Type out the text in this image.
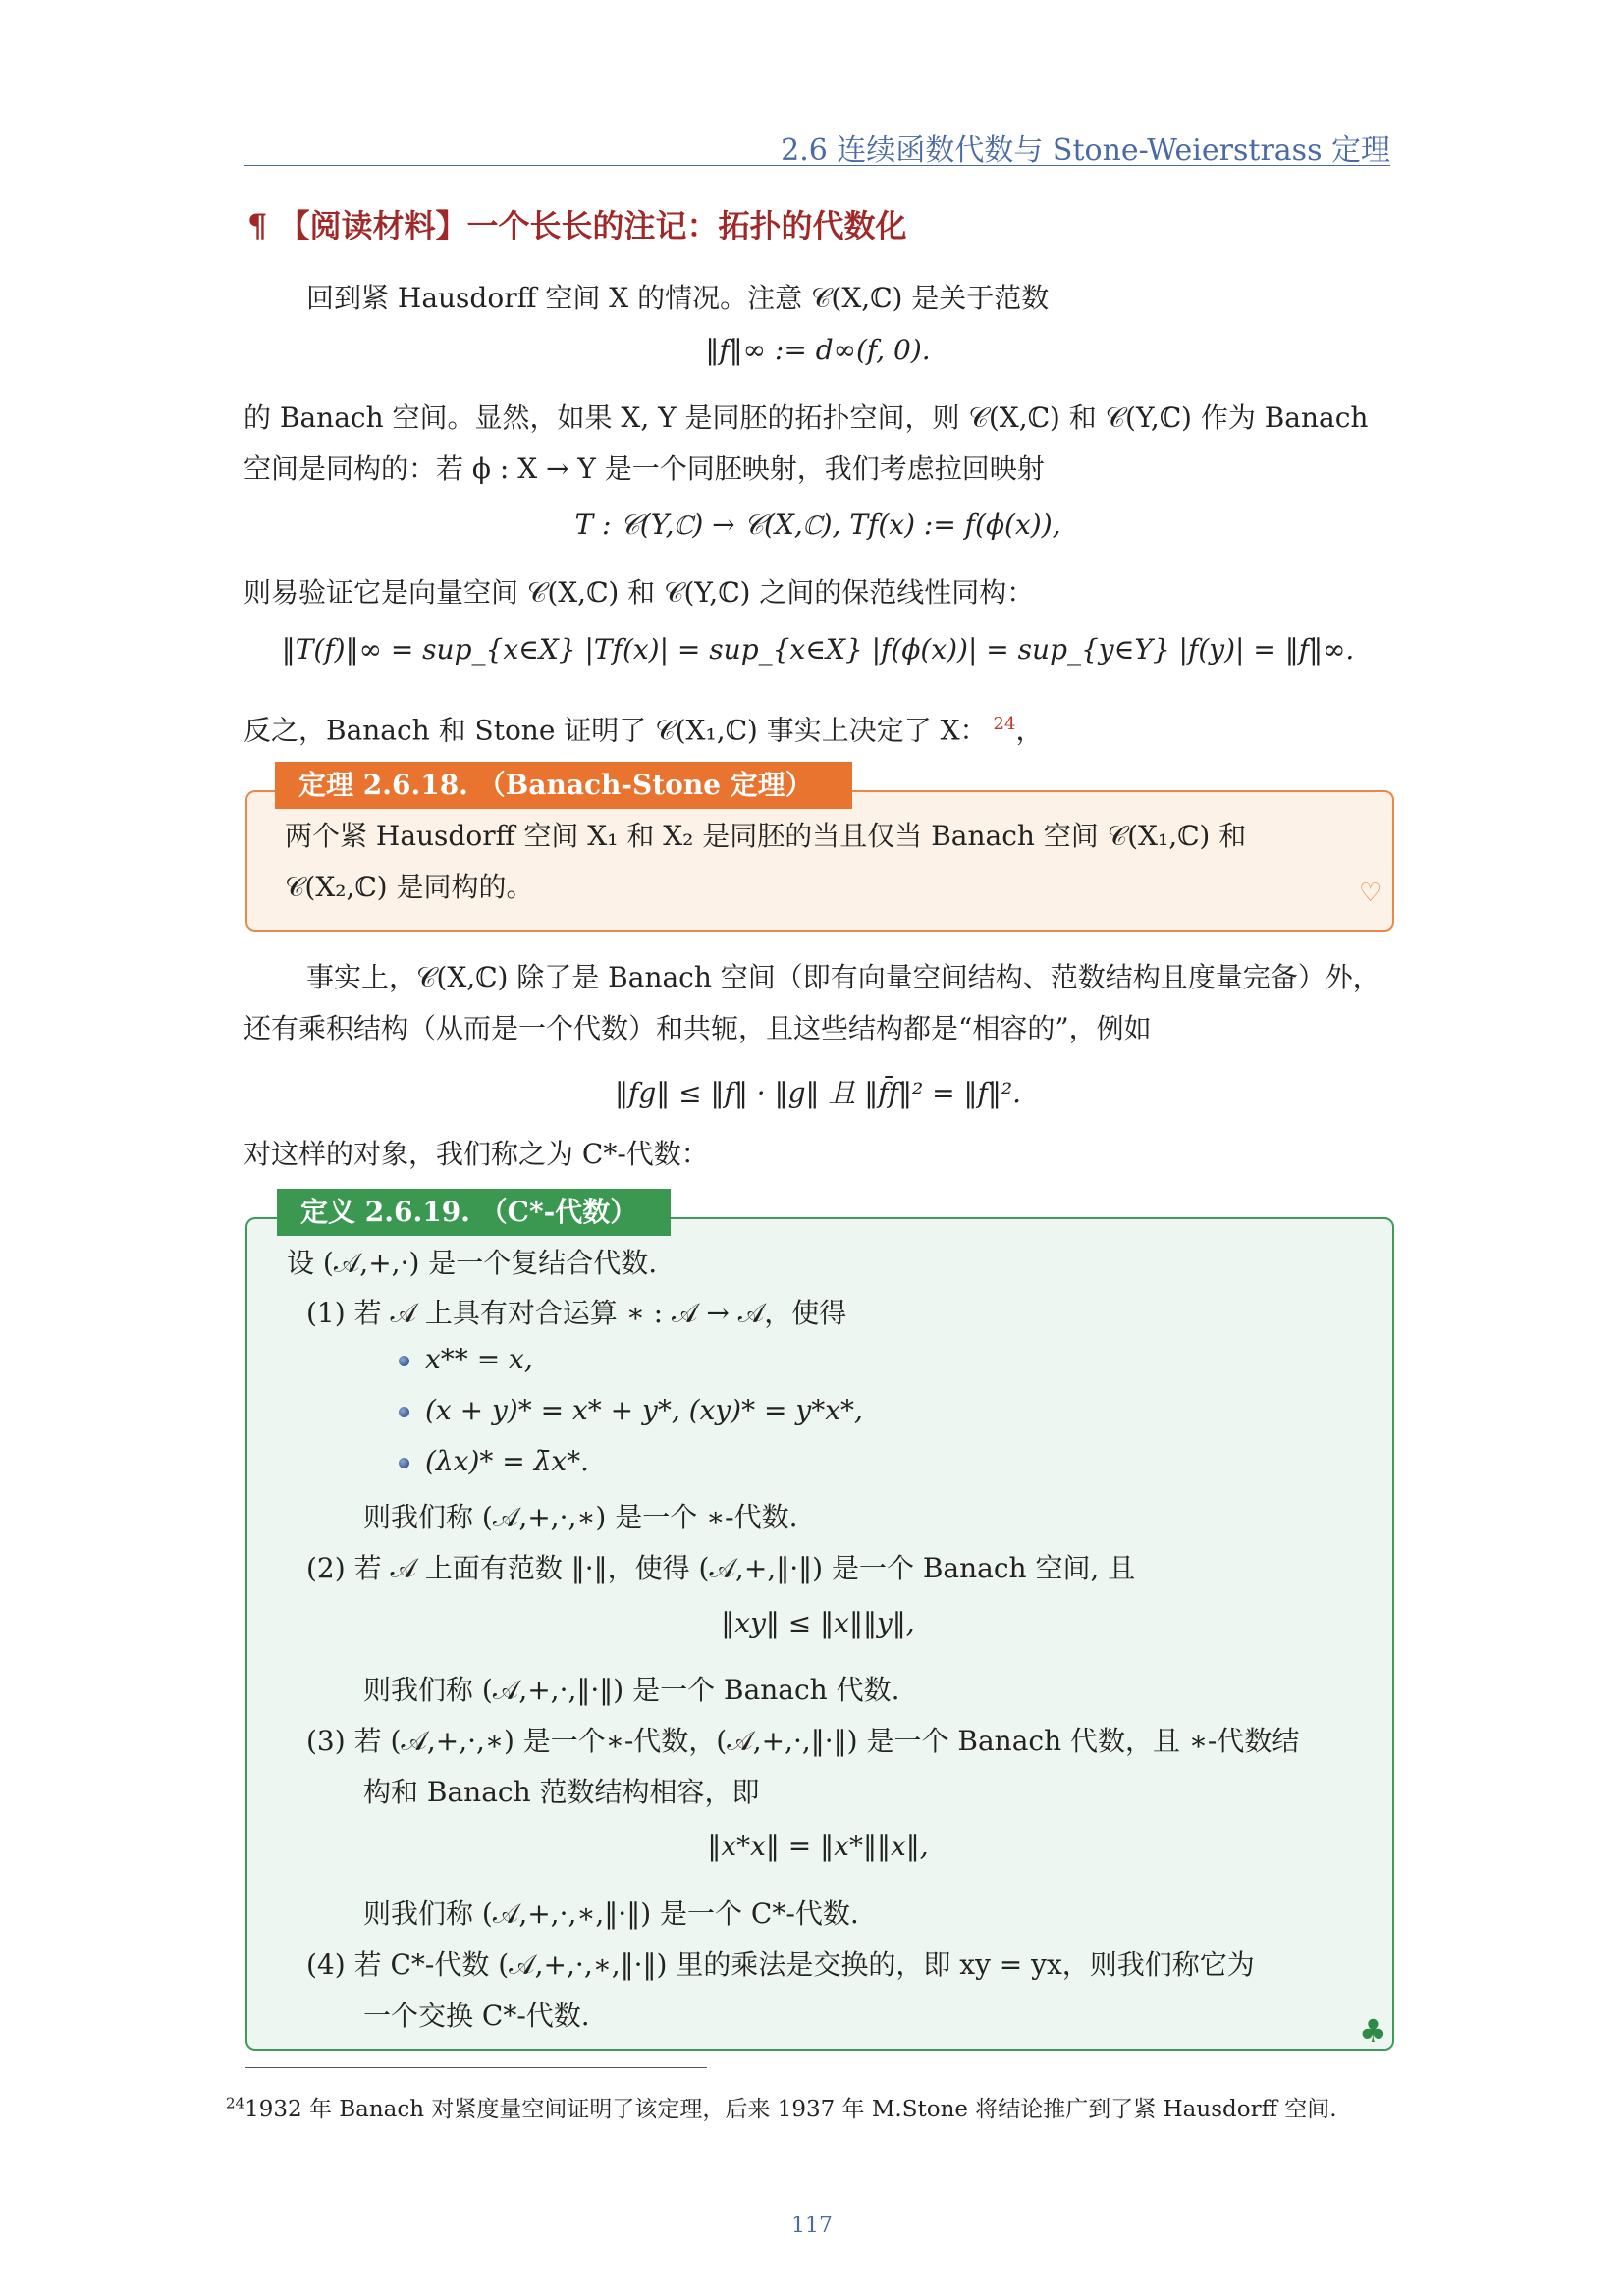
2.6 连续函数代数与 Stone-Weierstrass 定理
¶ 【阅读材料】一个长长的注记：拓扑的代数化
回到紧 Hausdorff 空间 X 的情况。注意 𝒞(X,ℂ) 是关于范数
‖f‖∞ := d∞(f, 0).
的 Banach 空间。显然，如果 X, Y 是同胚的拓扑空间，则 𝒞(X,ℂ) 和 𝒞(Y,ℂ) 作为 Banach
空间是同构的：若 ϕ : X → Y 是一个同胚映射，我们考虑拉回映射
T : 𝒞(Y,ℂ) → 𝒞(X,ℂ), Tf(x) := f(ϕ(x)),
则易验证它是向量空间 𝒞(X,ℂ) 和 𝒞(Y,ℂ) 之间的保范线性同构：
‖T(f)‖∞ = sup_{x∈X} |Tf(x)| = sup_{x∈X} |f(ϕ(x))| = sup_{y∈Y} |f(y)| = ‖f‖∞.
反之，Banach 和 Stone 证明了 𝒞(X₁,ℂ) 事实上决定了 X： $^{24}$，
定理 2.6.18. （Banach-Stone 定理）
两个紧 Hausdorff 空间 X₁ 和 X₂ 是同胚的当且仅当 Banach 空间 𝒞(X₁,ℂ) 和
𝒞(X₂,ℂ) 是同构的。	♡
事实上，𝒞(X,ℂ) 除了是 Banach 空间（即有向量空间结构、范数结构且度量完备）外，
还有乘积结构（从而是一个代数）和共轭，且这些结构都是“相容的”，例如
‖fg‖ ≤ ‖f‖ · ‖g‖ 且 ‖f̄f‖² = ‖f‖².
对这样的对象，我们称之为 C*-代数：
定义 2.6.19. （C*-代数）
设 (𝒜,+,·) 是一个复结合代数.
(1) 若 𝒜 上具有对合运算 ∗ : 𝒜 → 𝒜，使得
x** = x,
(x + y)* = x* + y*, (xy)* = y*x*,
(λx)* = λ̄x*.
则我们称 (𝒜,+,·,∗) 是一个 ∗-代数.
(2) 若 𝒜 上面有范数 ‖·‖，使得 (𝒜,+,‖·‖) 是一个 Banach 空间, 且
‖xy‖ ≤ ‖x‖‖y‖,
则我们称 (𝒜,+,·,‖·‖) 是一个 Banach 代数.
(3) 若 (𝒜,+,·,∗) 是一个∗-代数，(𝒜,+,·,‖·‖) 是一个 Banach 代数，且 ∗-代数结
构和 Banach 范数结构相容，即
‖x*x‖ = ‖x*‖‖x‖,
则我们称 (𝒜,+,·,∗,‖·‖) 是一个 C*-代数.
(4) 若 C*-代数 (𝒜,+,·,∗,‖·‖) 里的乘法是交换的，即 xy = yx，则我们称它为
一个交换 C*-代数.	♣
$^{24}$1932 年 Banach 对紧度量空间证明了该定理，后来 1937 年 M.Stone 将结论推广到了紧 Hausdorff 空间.
117
